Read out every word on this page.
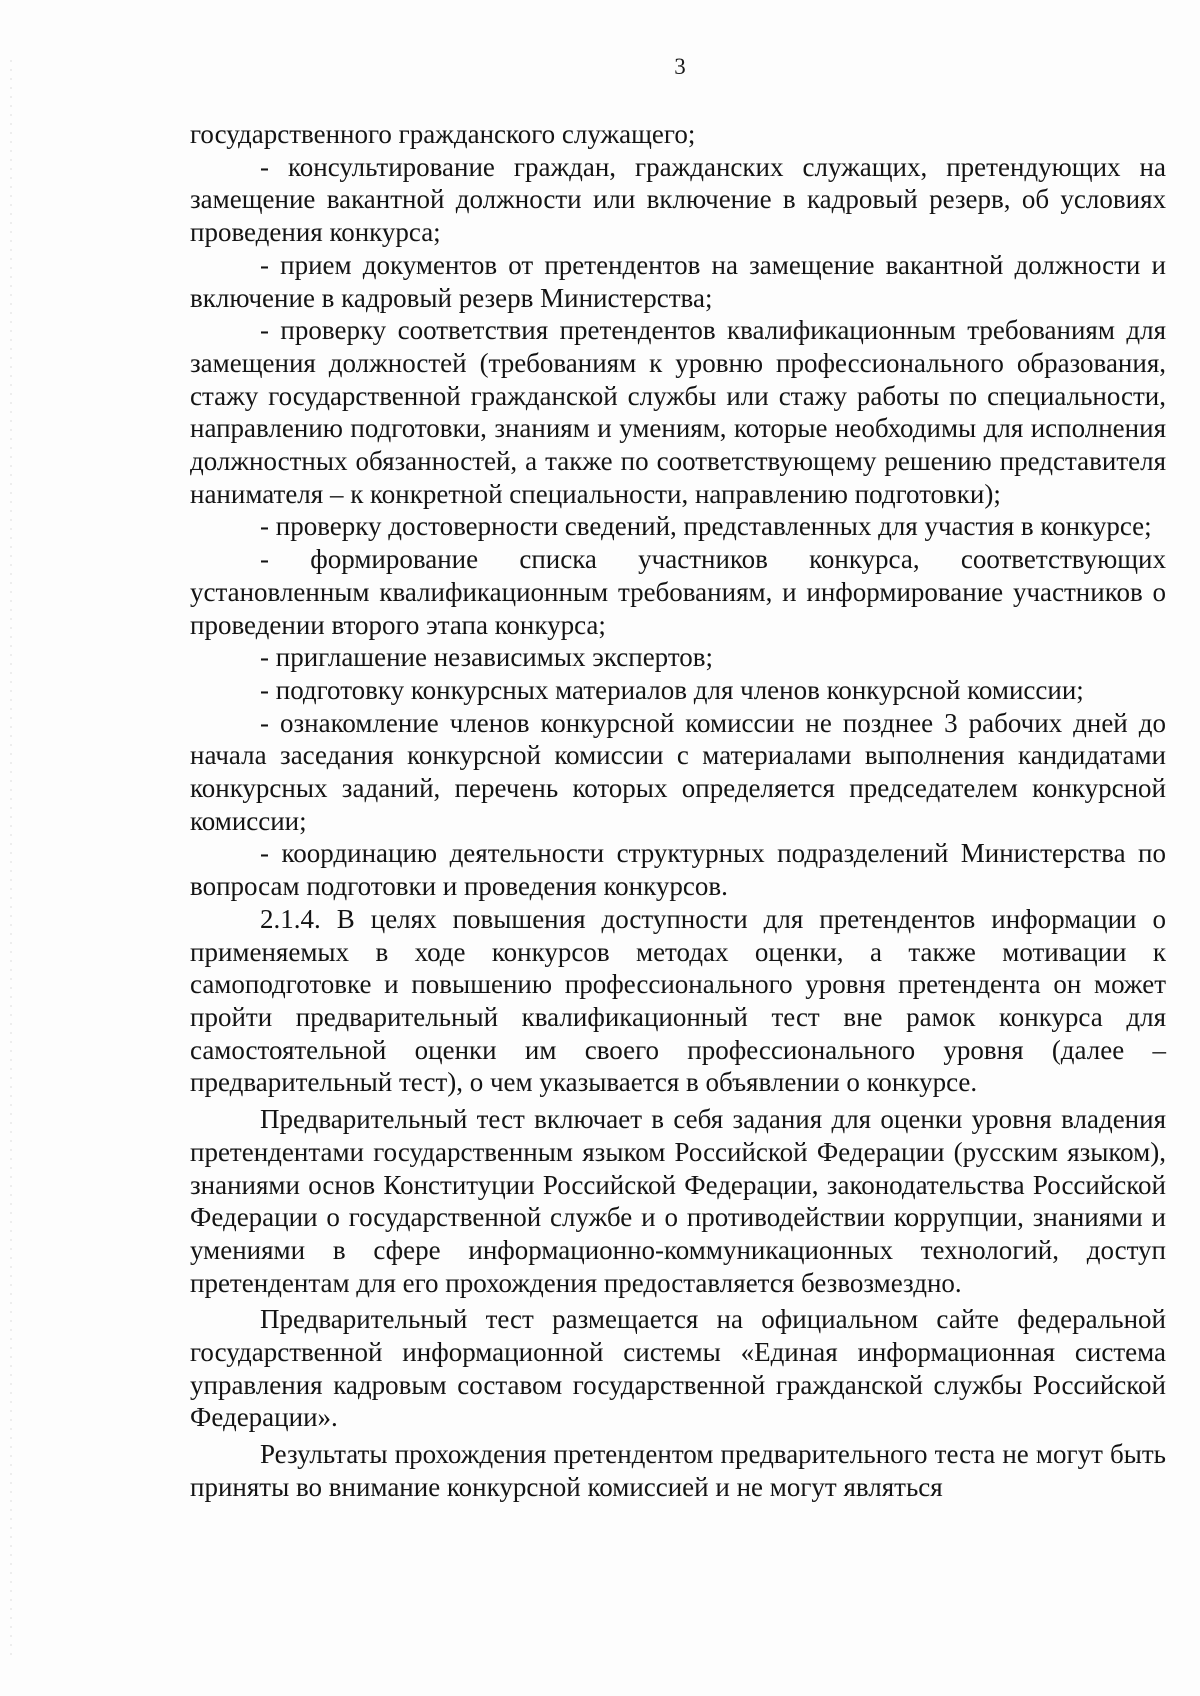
3

государственного гражданского служащего;

- консультирование граждан, гражданских служащих, претендующих на замещение вакантной должности или включение в кадровый резерв, об условиях проведения конкурса;

- прием документов от претендентов на замещение вакантной должности и включение в кадровый резерв Министерства;

- проверку соответствия претендентов квалификационным требованиям для замещения должностей (требованиям к уровню профессионального образования, стажу государственной гражданской службы или стажу работы по специальности, направлению подготовки, знаниям и умениям, которые необходимы для исполнения должностных обязанностей, а также по соответствующему решению представителя нанимателя – к конкретной специальности, направлению подготовки);

- проверку достоверности сведений, представленных для участия в конкурсе;

- формирование списка участников конкурса, соответствующих установленным квалификационным требованиям, и информирование участников о проведении второго этапа конкурса;

- приглашение независимых экспертов;

- подготовку конкурсных материалов для членов конкурсной комиссии;

- ознакомление членов конкурсной комиссии не позднее 3 рабочих дней до начала заседания конкурсной комиссии с материалами выполнения кандидатами конкурсных заданий, перечень которых определяется председателем конкурсной комиссии;

- координацию деятельности структурных подразделений Министерства по вопросам подготовки и проведения конкурсов.

2.1.4. В целях повышения доступности для претендентов информации о применяемых в ходе конкурсов методах оценки, а также мотивации к самоподготовке и повышению профессионального уровня претендента он может пройти предварительный квалификационный тест вне рамок конкурса для самостоятельной оценки им своего профессионального уровня (далее – предварительный тест), о чем указывается в объявлении о конкурсе.

Предварительный тест включает в себя задания для оценки уровня владения претендентами государственным языком Российской Федерации (русским языком), знаниями основ Конституции Российской Федерации, законодательства Российской Федерации о государственной службе и о противодействии коррупции, знаниями и умениями в сфере информационно-коммуникационных технологий, доступ претендентам для его прохождения предоставляется безвозмездно.

Предварительный тест размещается на официальном сайте федеральной государственной информационной системы «Единая информационная система управления кадровым составом государственной гражданской службы Российской Федерации».

Результаты прохождения претендентом предварительного теста не могут быть приняты во внимание конкурсной комиссией и не могут являться
